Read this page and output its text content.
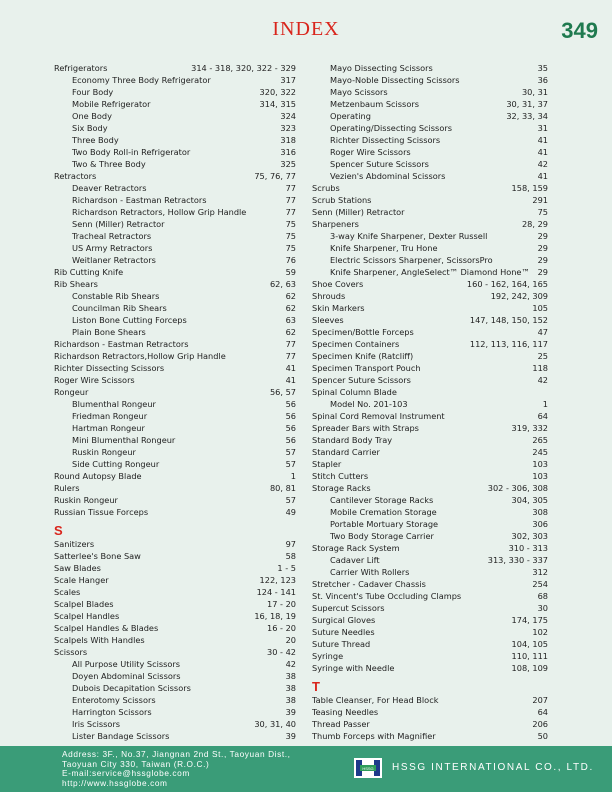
INDEX	349
Refrigerators	314 - 318, 320, 322 - 329
Economy Three Body Refrigerator	317
Four Body	320, 322
Mobile Refrigerator	314, 315
One Body	324
Six Body	323
Three Body	318
Two Body Roll-in Refrigerator	316
Two & Three Body	325
Retractors	75, 76, 77
Deaver Retractors	77
Richardson - Eastman Retractors	77
Richardson Retractors, Hollow Grip Handle	77
Senn (Miller) Retractor	75
Tracheal Retractors	75
US Army Retractors	75
Weitlaner Retractors	76
Rib Cutting Knife	59
Rib Shears	62, 63
Constable Rib Shears	62
Councilman Rib Shears	62
Liston Bone Cutting Forceps	63
Plain Bone Shears	62
Richardson - Eastman Retractors	77
Richardson Retractors,Hollow Grip Handle	77
Richter Dissecting Scissors	41
Roger Wire Scissors	41
Rongeur	56, 57
Blumenthal Rongeur	56
Friedman Rongeur	56
Hartman Rongeur	56
Mini Blumenthal Rongeur	56
Ruskin Rongeur	57
Side Cutting Rongeur	57
Round Autopsy Blade	1
Rulers	80, 81
Ruskin Rongeur	57
Russian Tissue Forceps	49
S
Sanitizers	97
Satterlee's Bone Saw	58
Saw Blades	1 - 5
Scale Hanger	122, 123
Scales	124 - 141
Scalpel Blades	17 - 20
Scalpel Handles	16, 18, 19
Scalpel Handles & Blades	16 - 20
Scalpels With Handles	20
Scissors	30 - 42
All Purpose Utility Scissors	42
Doyen Abdominal Scissors	38
Dubois Decapitation Scissors	38
Enterotomy Scissors	38
Harrington Scissors	39
Iris Scissors	30, 31, 40
Lister Bandage Scissors	39
Mayo Dissecting Scissors	35
Mayo-Noble Dissecting Scissors	36
Mayo Scissors	30, 31
Metzenbaum Scissors	30, 31, 37
Operating	32, 33, 34
Operating/Dissecting Scissors	31
Richter Dissecting Scissors	41
Roger Wire Scissors	41
Spencer Suture Scissors	42
Vezien's Abdominal Scissors	41
Scrubs	158, 159
Scrub Stations	291
Senn (Miller) Retractor	75
Sharpeners	28, 29
3-way Knife Sharpener, Dexter Russell	29
Knife Sharpener, Tru Hone	29
Electric Scissors Sharpener, ScissorsPro	29
Knife Sharpener, AngleSelect™ Diamond Hone™ 29
Shoe Covers	160 - 162, 164, 165
Shrouds	192, 242, 309
Skin Markers	105
Sleeves	147, 148, 150, 152
Specimen/Bottle Forceps	47
Specimen Containers	112, 113, 116, 117
Specimen Knife (Ratcliff)	25
Specimen Transport Pouch	118
Spencer Suture Scissors	42
Spinal Column Blade
Model No. 201-103	1
Spinal Cord Removal Instrument	64
Spreader Bars with Straps	319, 332
Standard Body Tray	265
Standard Carrier	245
Stapler	103
Stitch Cutters	103
Storage Racks	302 - 306, 308
Cantilever Storage Racks	304, 305
Mobile Cremation Storage	308
Portable Mortuary Storage	306
Two Body Storage Carrier	302, 303
Storage Rack System	310 - 313
Cadaver Lift	313, 330 - 337
Carrier With Rollers	312
Stretcher - Cadaver Chassis	254
St. Vincent's Tube Occluding Clamps	68
Supercut Scissors	30
Surgical Gloves	174, 175
Suture Needles	102
Suture Thread	104, 105
Syringe	110, 111
Syringe with Needle	108, 109
T
Table Cleanser, For Head Block	207
Teasing Needles	64
Thread Passer	206
Thumb Forceps with Magnifier	50
Address: 3F., No.37, Jiangnan 2nd St., Taoyuan Dist.,
Taoyuan City 330, Taiwan (R.O.C.)
E-mail:service@hssglobe.com
http://www.hssglobe.com
HSSG HSSG INTERNATIONAL CO., LTD.
